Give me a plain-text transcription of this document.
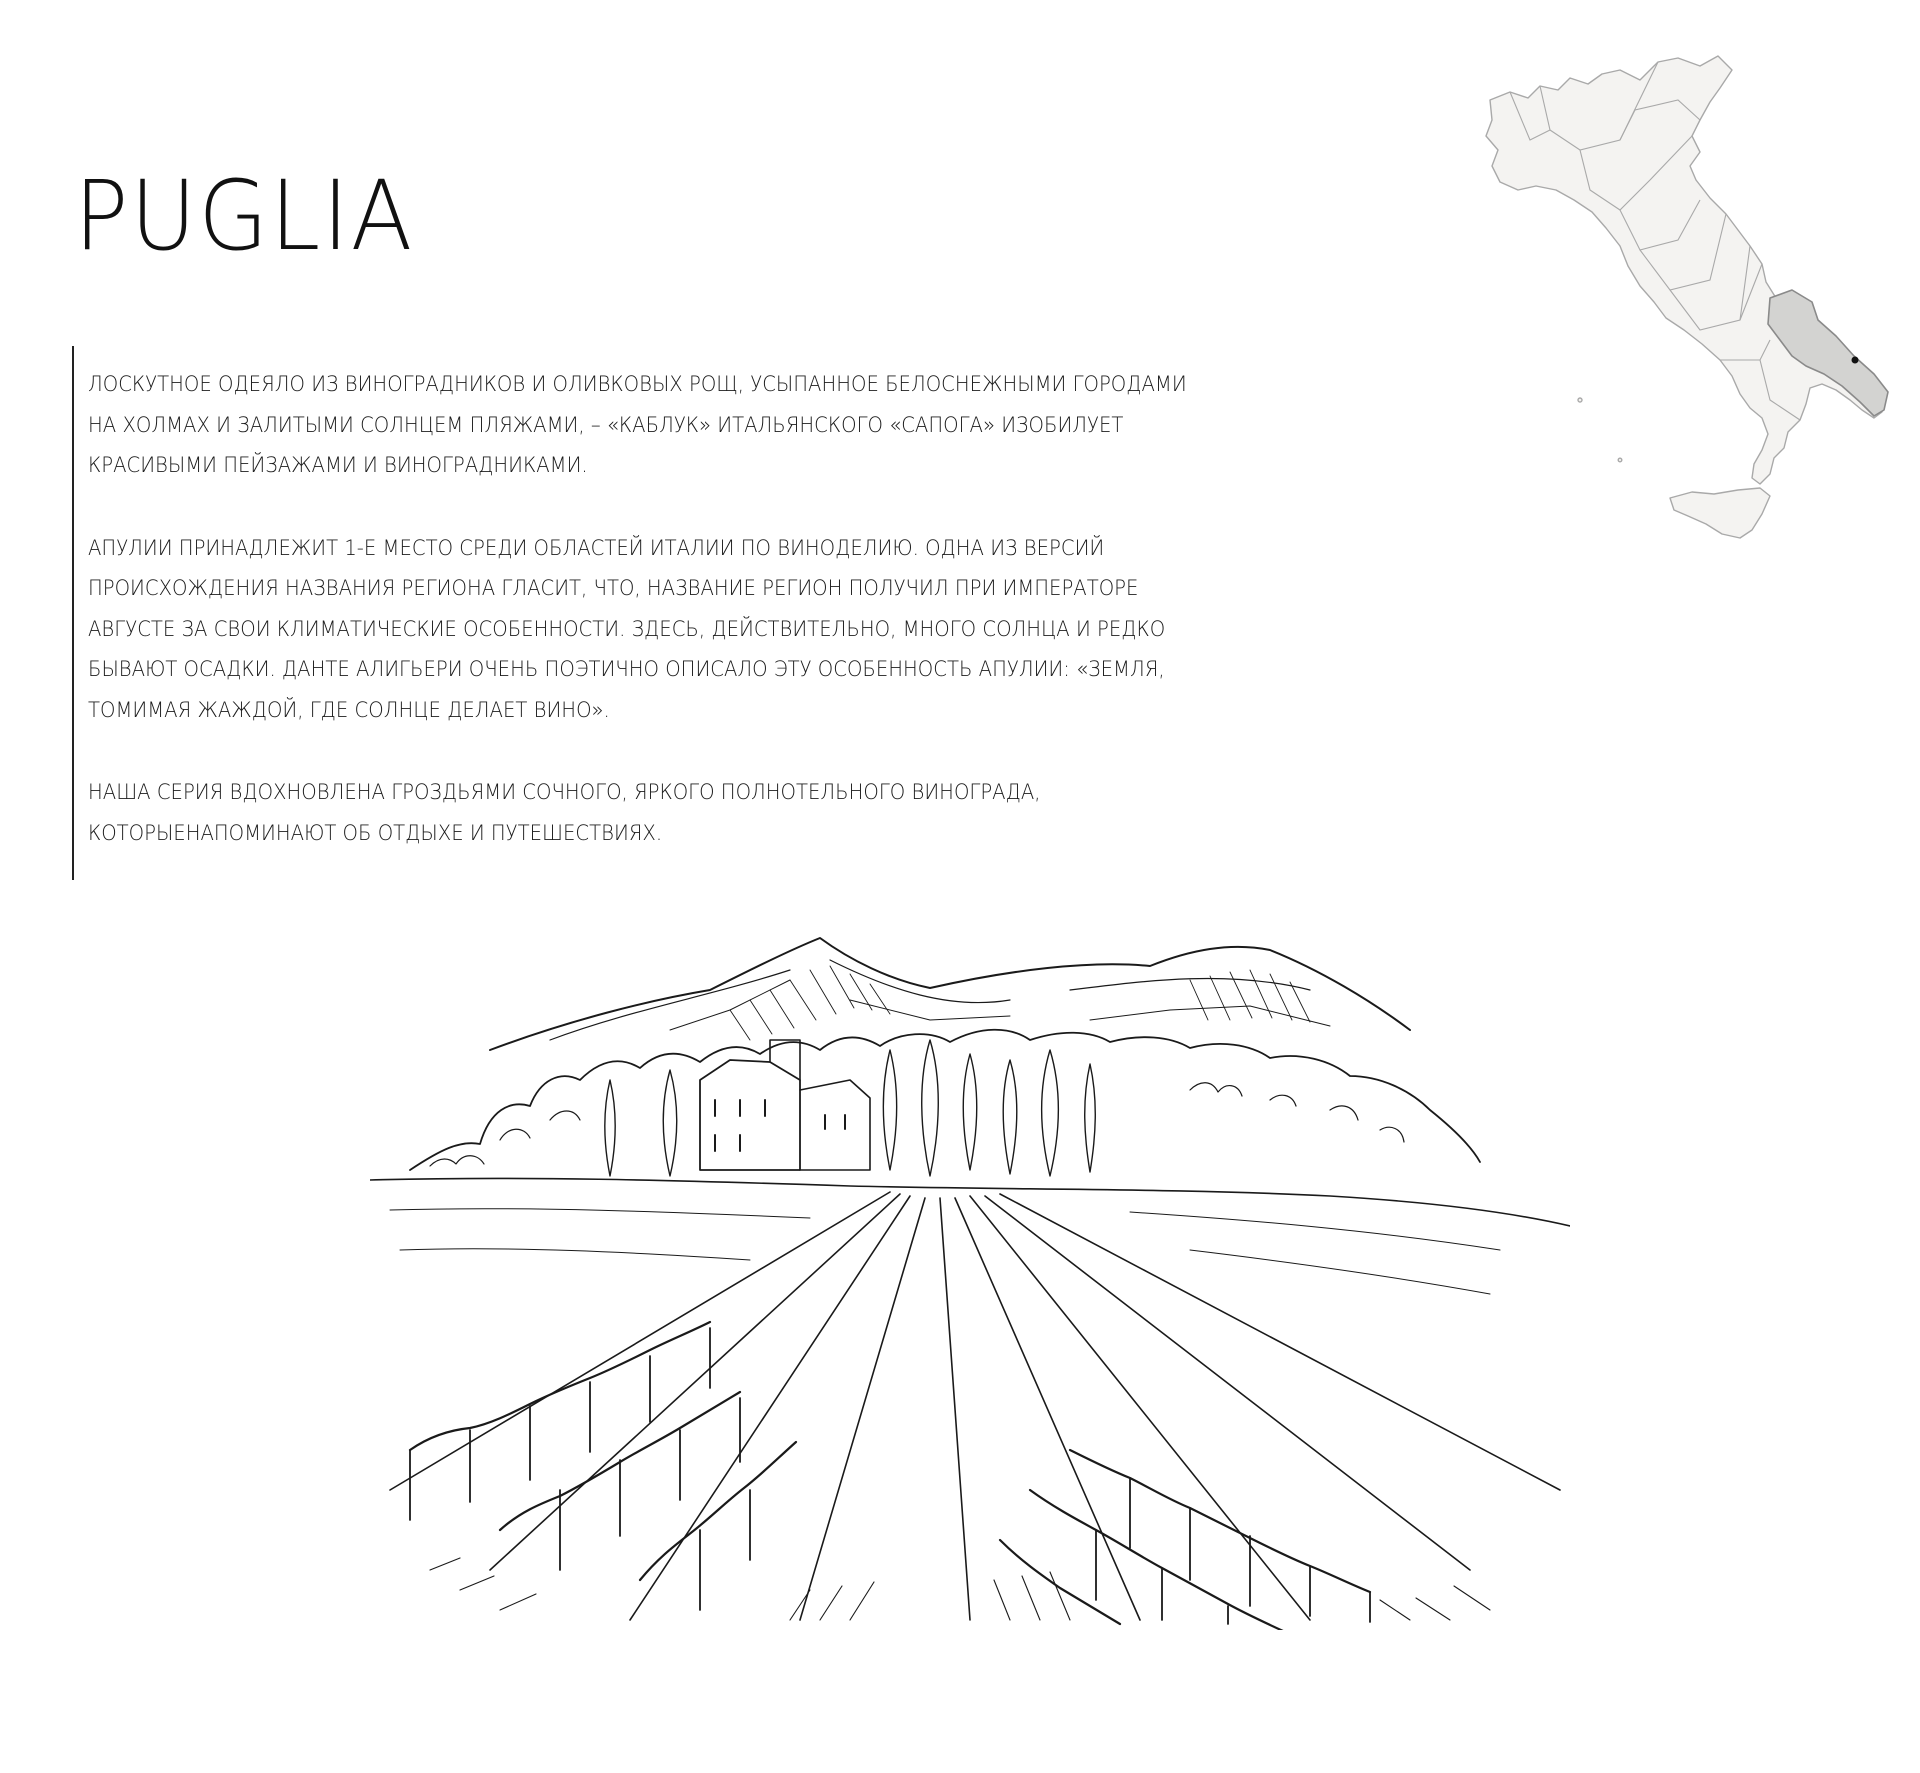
PUGLIA

ЛОСКУТНОЕ ОДЕЯЛО ИЗ ВИНОГРАДНИКОВ И ОЛИВКОВЫХ РОЩ, УСЫПАННОЕ БЕЛОСНЕЖНЫМИ ГОРОДАМИ
НА ХОЛМАХ И ЗАЛИТЫМИ СОЛНЦЕМ ПЛЯЖАМИ, – «КАБЛУК» ИТАЛЬЯНСКОГО «САПОГА» ИЗОБИЛУЕТ
КРАСИВЫМИ ПЕЙЗАЖАМИ И ВИНОГРАДНИКАМИ.

АПУЛИИ ПРИНАДЛЕЖИТ 1-Е МЕСТО СРЕДИ ОБЛАСТЕЙ ИТАЛИИ ПО ВИНОДЕЛИЮ. ОДНА ИЗ ВЕРСИЙ
ПРОИСХОЖДЕНИЯ НАЗВАНИЯ РЕГИОНА ГЛАСИТ, ЧТО, НАЗВАНИЕ РЕГИОН ПОЛУЧИЛ ПРИ ИМПЕРАТОРЕ
АВГУСТЕ ЗА СВОИ КЛИМАТИЧЕСКИЕ ОСОБЕННОСТИ. ЗДЕСЬ, ДЕЙСТВИТЕЛЬНО, МНОГО СОЛНЦА И РЕДКО
БЫВАЮТ ОСАДКИ. ДАНТЕ АЛИГЬЕРИ ОЧЕНЬ ПОЭТИЧНО ОПИСАЛО ЭТУ ОСОБЕННОСТЬ АПУЛИИ: «ЗЕМЛЯ,
ТОМИМАЯ ЖАЖДОЙ, ГДЕ СОЛНЦЕ ДЕЛАЕТ ВИНО».

НАША СЕРИЯ ВДОХНОВЛЕНА ГРОЗДЬЯМИ СОЧНОГО, ЯРКОГО ПОЛНОТЕЛЬНОГО ВИНОГРАДА,
КОТОРЫЕНАПОМИНАЮТ ОБ ОТДЫХЕ И ПУТЕШЕСТВИЯХ.
